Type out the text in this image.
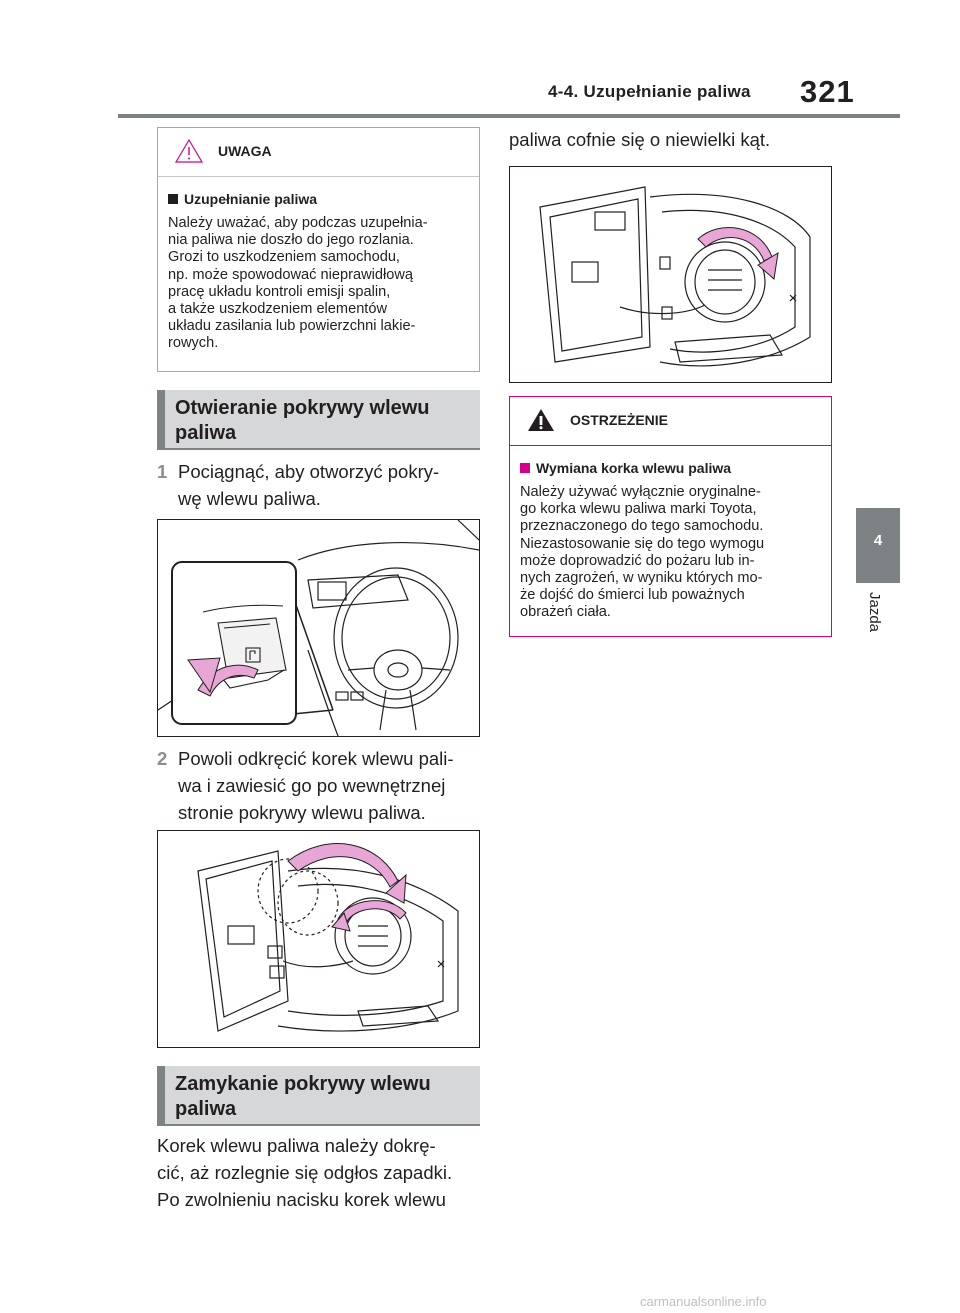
4-4. Uzupełnianie paliwa 321
4
Jazda
UWAGA
Uzupełnianie paliwa
Należy uważać, aby podczas uzupełnia-
nia paliwa nie doszło do jego rozlania.
Grozi to uszkodzeniem samochodu,
np. może spowodować nieprawidłową
pracę układu kontroli emisji spalin,
a także uszkodzeniem elementów
układu zasilania lub powierzchni lakie-
rowych.
Otwieranie pokrywy wlewu
paliwa
1 Pociągnąć, aby otworzyć pokry-
wę wlewu paliwa.
2 Powoli odkręcić korek wlewu pali-
wa i zawiesić go po wewnętrznej
stronie pokrywy wlewu paliwa.
Zamykanie pokrywy wlewu
paliwa
Korek wlewu paliwa należy dokrę-
cić, aż rozlegnie się odgłos zapadki.
Po zwolnieniu nacisku korek wlewu
paliwa cofnie się o niewielki kąt.
OSTRZEŻENIE
Wymiana korka wlewu paliwa
Należy używać wyłącznie oryginalne-
go korka wlewu paliwa marki Toyota,
przeznaczonego do tego samochodu.
Niezastosowanie się do tego wymogu
może doprowadzić do pożaru lub in-
nych zagrożeń, w wyniku których mo-
że dojść do śmierci lub poważnych
obrażeń ciała.
carmanualsonline.info
